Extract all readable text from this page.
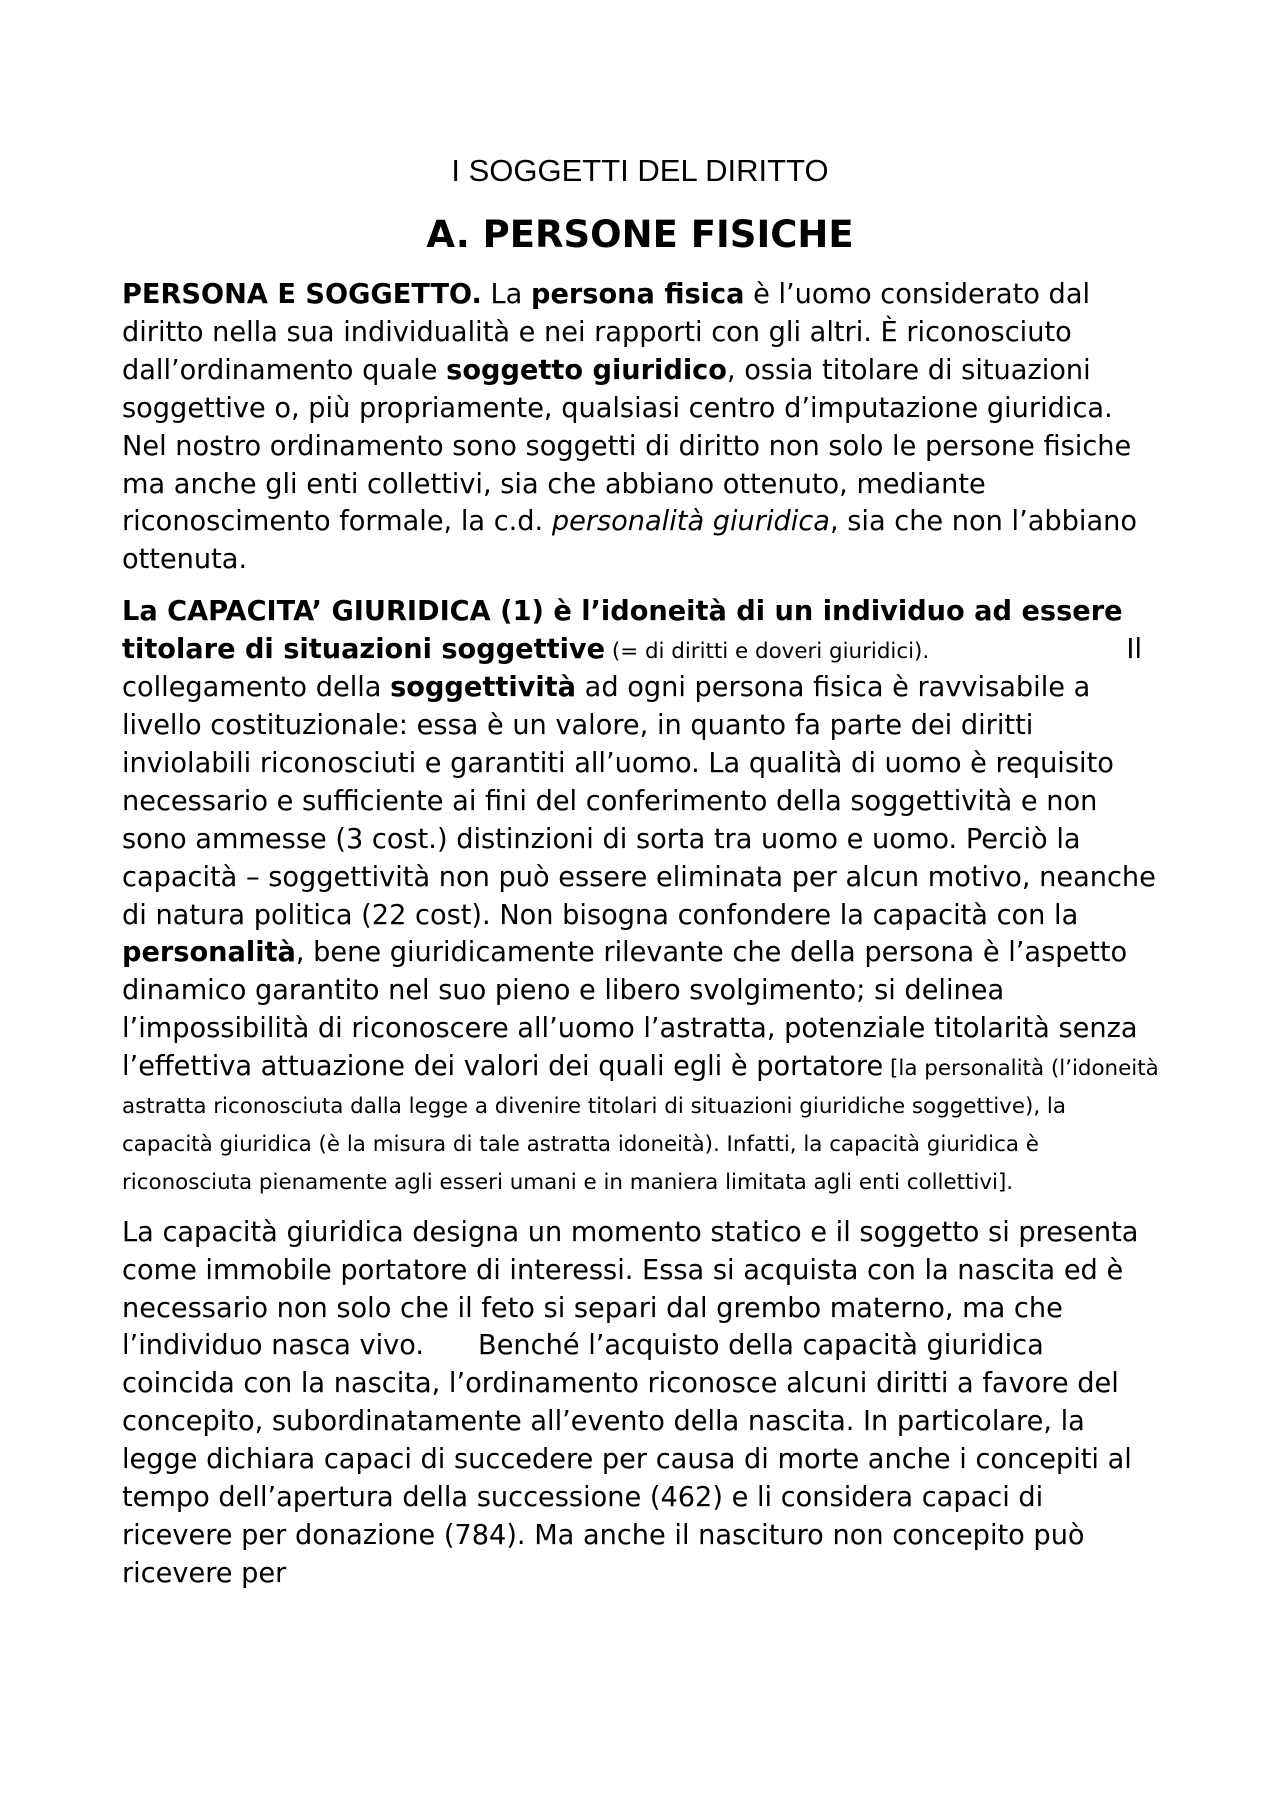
I SOGGETTI DEL DIRITTO
A. PERSONE FISICHE

PERSONA E SOGGETTO. La persona fisica è l’uomo considerato dal diritto nella sua individualità e nei rapporti con gli altri. È riconosciuto dall’ordinamento quale soggetto giuridico, ossia titolare di situazioni soggettive o, più propriamente, qualsiasi centro d’imputazione giuridica. Nel nostro ordinamento sono soggetti di diritto non solo le persone fisiche ma anche gli enti collettivi, sia che abbiano ottenuto, mediante riconoscimento formale, la c.d. personalità giuridica, sia che non l’abbiano ottenuta.

La CAPACITA’ GIURIDICA (1) è l’idoneità di un individuo ad essere titolare di situazioni soggettive (= di diritti e doveri giuridici).	Il

collegamento della soggettività ad ogni persona fisica è ravvisabile a livello costituzionale: essa è un valore, in quanto fa parte dei diritti inviolabili riconosciuti e garantiti all’uomo. La qualità di uomo è requisito necessario e sufficiente ai fini del conferimento della soggettività e non sono ammesse (3 cost.) distinzioni di sorta tra uomo e uomo. Perciò la capacità – soggettività non può essere eliminata per alcun motivo, neanche di natura politica (22 cost). Non bisogna confondere la capacità con la personalità, bene giuridicamente rilevante che della persona è l’aspetto dinamico garantito nel suo pieno e libero svolgimento; si delinea l’impossibilità di riconoscere all’uomo l’astratta, potenziale titolarità senza l’effettiva attuazione dei valori dei quali egli è portatore [la personalità (l’idoneità astratta riconosciuta dalla legge a divenire titolari di situazioni giuridiche soggettive), la capacità giuridica (è la misura di tale astratta idoneità). Infatti, la capacità giuridica è riconosciuta pienamente agli esseri umani e in maniera limitata agli enti collettivi].

La capacità giuridica designa un momento statico e il soggetto si presenta come immobile portatore di interessi. Essa si acquista con la nascita ed è necessario non solo che il feto si separi dal grembo materno, ma che l’individuo nasca vivo. Benché l’acquisto della capacità giuridica coincida con la nascita, l’ordinamento riconosce alcuni diritti a favore del concepito, subordinatamente all’evento della nascita. In particolare, la legge dichiara capaci di succedere per causa di morte anche i concepiti al tempo dell’apertura della successione (462) e li considera capaci di ricevere per donazione (784). Ma anche il nascituro non concepito può ricevere per
